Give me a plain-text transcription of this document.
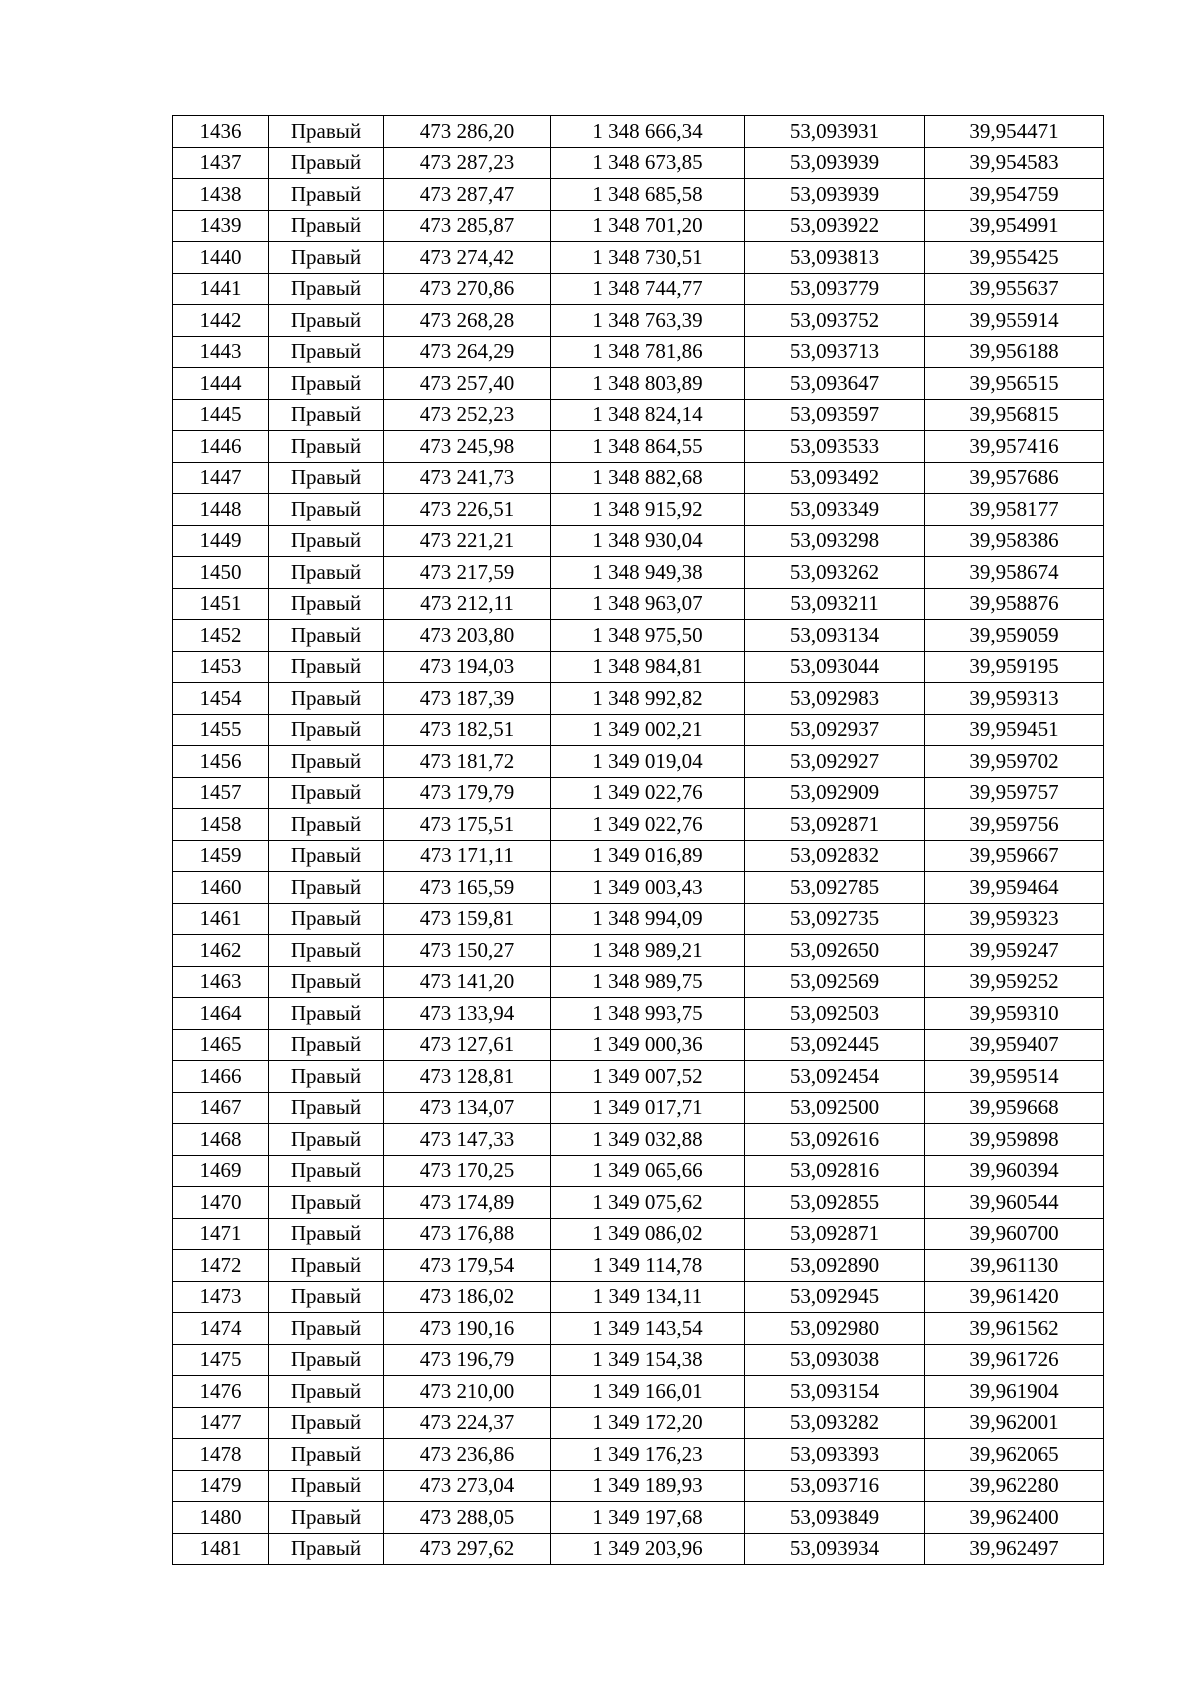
1436	Правый	473 286,20	1 348 666,34	53,093931	39,954471
1437	Правый	473 287,23	1 348 673,85	53,093939	39,954583
1438	Правый	473 287,47	1 348 685,58	53,093939	39,954759
1439	Правый	473 285,87	1 348 701,20	53,093922	39,954991
1440	Правый	473 274,42	1 348 730,51	53,093813	39,955425
1441	Правый	473 270,86	1 348 744,77	53,093779	39,955637
1442	Правый	473 268,28	1 348 763,39	53,093752	39,955914
1443	Правый	473 264,29	1 348 781,86	53,093713	39,956188
1444	Правый	473 257,40	1 348 803,89	53,093647	39,956515
1445	Правый	473 252,23	1 348 824,14	53,093597	39,956815
1446	Правый	473 245,98	1 348 864,55	53,093533	39,957416
1447	Правый	473 241,73	1 348 882,68	53,093492	39,957686
1448	Правый	473 226,51	1 348 915,92	53,093349	39,958177
1449	Правый	473 221,21	1 348 930,04	53,093298	39,958386
1450	Правый	473 217,59	1 348 949,38	53,093262	39,958674
1451	Правый	473 212,11	1 348 963,07	53,093211	39,958876
1452	Правый	473 203,80	1 348 975,50	53,093134	39,959059
1453	Правый	473 194,03	1 348 984,81	53,093044	39,959195
1454	Правый	473 187,39	1 348 992,82	53,092983	39,959313
1455	Правый	473 182,51	1 349 002,21	53,092937	39,959451
1456	Правый	473 181,72	1 349 019,04	53,092927	39,959702
1457	Правый	473 179,79	1 349 022,76	53,092909	39,959757
1458	Правый	473 175,51	1 349 022,76	53,092871	39,959756
1459	Правый	473 171,11	1 349 016,89	53,092832	39,959667
1460	Правый	473 165,59	1 349 003,43	53,092785	39,959464
1461	Правый	473 159,81	1 348 994,09	53,092735	39,959323
1462	Правый	473 150,27	1 348 989,21	53,092650	39,959247
1463	Правый	473 141,20	1 348 989,75	53,092569	39,959252
1464	Правый	473 133,94	1 348 993,75	53,092503	39,959310
1465	Правый	473 127,61	1 349 000,36	53,092445	39,959407
1466	Правый	473 128,81	1 349 007,52	53,092454	39,959514
1467	Правый	473 134,07	1 349 017,71	53,092500	39,959668
1468	Правый	473 147,33	1 349 032,88	53,092616	39,959898
1469	Правый	473 170,25	1 349 065,66	53,092816	39,960394
1470	Правый	473 174,89	1 349 075,62	53,092855	39,960544
1471	Правый	473 176,88	1 349 086,02	53,092871	39,960700
1472	Правый	473 179,54	1 349 114,78	53,092890	39,961130
1473	Правый	473 186,02	1 349 134,11	53,092945	39,961420
1474	Правый	473 190,16	1 349 143,54	53,092980	39,961562
1475	Правый	473 196,79	1 349 154,38	53,093038	39,961726
1476	Правый	473 210,00	1 349 166,01	53,093154	39,961904
1477	Правый	473 224,37	1 349 172,20	53,093282	39,962001
1478	Правый	473 236,86	1 349 176,23	53,093393	39,962065
1479	Правый	473 273,04	1 349 189,93	53,093716	39,962280
1480	Правый	473 288,05	1 349 197,68	53,093849	39,962400
1481	Правый	473 297,62	1 349 203,96	53,093934	39,962497
